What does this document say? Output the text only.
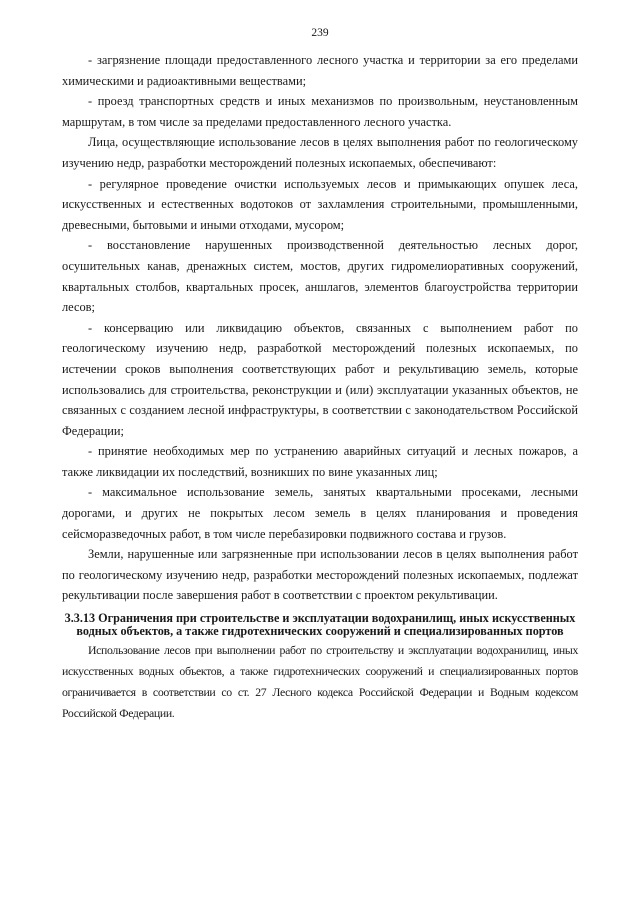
239

- загрязнение площади предоставленного лесного участка и территории за его пределами химическими и радиоактивными веществами;

- проезд транспортных средств и иных механизмов по произвольным, неустановленным маршрутам, в том числе за пределами предоставленного лесного участка.

Лица, осуществляющие использование лесов в целях выполнения работ по геологическому изучению недр, разработки месторождений полезных ископаемых, обеспечивают:

- регулярное проведение очистки используемых лесов и примыкающих опушек леса, искусственных и естественных водотоков от захламления строительными, промышленными, древесными, бытовыми и иными отходами, мусором;

- восстановление нарушенных производственной деятельностью лесных дорог, осушительных канав, дренажных систем, мостов, других гидромелиоративных сооружений, квартальных столбов, квартальных просек, аншлагов, элементов благоустройства территории лесов;

- консервацию или ликвидацию объектов, связанных с выполнением работ по геологическому изучению недр, разработкой месторождений полезных ископаемых, по истечении сроков выполнения соответствующих работ и рекультивацию земель, которые использовались для строительства, реконструкции и (или) эксплуатации указанных объектов, не связанных с созданием лесной инфраструктуры, в соответствии с законодательством Российской Федерации;

- принятие необходимых мер по устранению аварийных ситуаций и лесных пожаров, а также ликвидации их последствий, возникших по вине указанных лиц;

- максимальное использование земель, занятых квартальными просеками, лесными дорогами, и других не покрытых лесом земель в целях планирования и проведения сейсморазведочных работ, в том числе перебазировки подвижного состава и грузов.

Земли, нарушенные или загрязненные при использовании лесов в целях выполнения работ по геологическому изучению недр, разработки месторождений полезных ископаемых, подлежат рекультивации после завершения работ в соответствии с проектом рекультивации.

3.3.13 Ограничения при строительстве и эксплуатации водохранилищ, иных искусственных водных объектов, а также гидротехнических сооружений и специализированных портов

Использование лесов при выполнении работ по строительству и эксплуатации водохранилищ, иных искусственных водных объектов, а также гидротехнических сооружений и специализированных портов ограничивается в соответствии со ст. 27 Лесного кодекса Российской Федерации и Водным кодексом Российской Федерации.
